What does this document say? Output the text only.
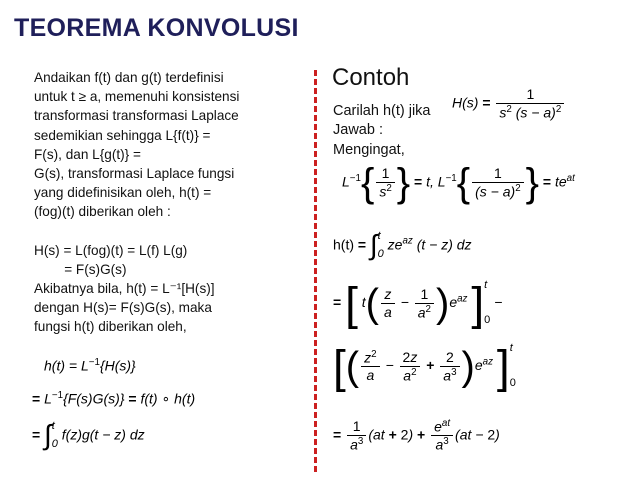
TEOREMA KONVOLUSI
Andaikan f(t) dan g(t) terdefinisi
untuk t ≥ a, memenuhi konsistensi
transformasi transformasi Laplace
sedemikian sehingga L{f(t)} =
F(s), dan L{g(t)} =
G(s), transformasi Laplace fungsi
yang didefinisikan oleh, h(t) =
(fog)(t) diberikan oleh :
H(s) = L(fog)(t) = L(f) L(g)
= F(s)G(s)
Akibatnya bila, h(t) = L⁻¹[H(s)]
dengan H(s)= F(s)G(s), maka
fungsi h(t) diberikan oleh,
$h(t) = L^{-1}\{H(s)\}$
= $L^{-1}\{F(s)G(s)\} = f(t)$ ∘ h(t)
= ∫t
0 f(z)g(t − z) dz
Contoh
Carilah h(t) jika
$H(s) = \frac{1}{s^2 (s - a)^2}$
Jawab :
Mengingat,
$L^{-1}\{ \frac{1}{s^2}$ } = t, $L^{-1}\{ \frac{1}{(s - a)^2}$ } = $te^{at}$
h(t) = ∫t
0 $ze^{az}$ (t − z) dz
= [ $t( \frac{z}{a} - \frac{1}{a^2} )e^{az}$ ]t

0 −
[( $\frac{z^2}{a} - \frac{2z}{a^2} + \frac{2}{a^3} )e^{az}$ ]t

0
= $\frac{1}{a^3} (at + 2) + \frac{e^{at}}{a^3} (at - 2)$
